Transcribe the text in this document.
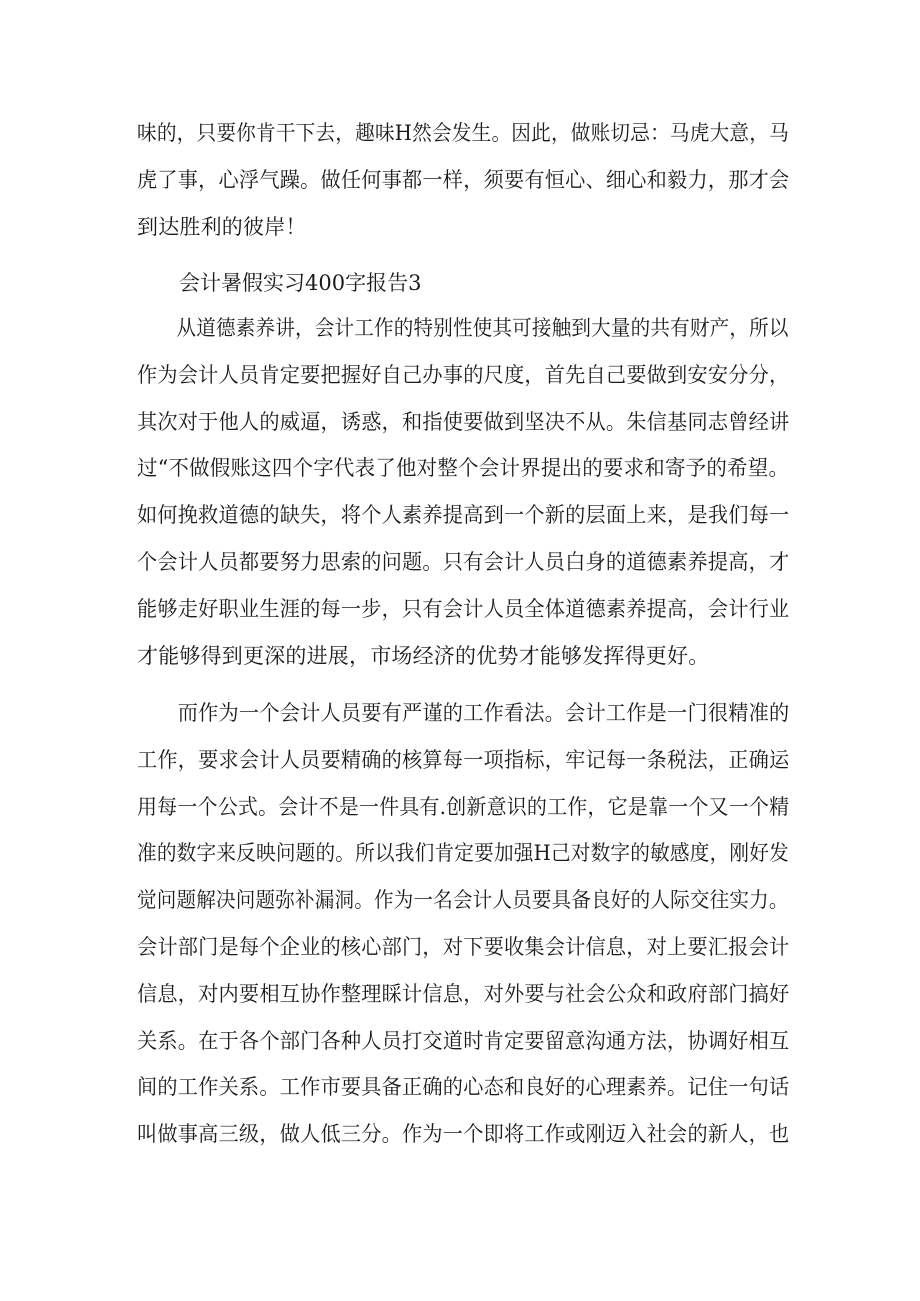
味的，只要你肯干下去，趣味H然会发生。因此，做账切忌：马虎大意，马
虎了事，心浮气躁。做任何事都一样，须要有恒心、细心和毅力，那才会
到达胜利的彼岸！
会计暑假实习400字报告3
　　从道德素养讲，会计工作的特别性使其可接触到大量的共有财产，所以
作为会计人员肯定要把握好自己办事的尺度，首先自己要做到安安分分，
其次对于他人的威逼，诱惑，和指使要做到坚决不从。朱信基同志曾经讲
过“不做假账这四个字代表了他对整个会计界提出的要求和寄予的希望。
如何挽救道德的缺失，将个人素养提高到一个新的层面上来，是我们每一
个会计人员都要努力思索的问题。只有会计人员白身的道德素养提高，才
能够走好职业生涯的每一步，只有会计人员全体道德素养提高，会计行业
才能够得到更深的进展，市场经济的优势才能够发挥得更好。
　　而作为一个会计人员要有严谨的工作看法。会计工作是一门很精准的
工作，要求会计人员要精确的核算每一项指标，牢记每一条税法，正确运
用每一个公式。会计不是一件具有.创新意识的工作，它是靠一个又一个精
准的数字来反映问题的。所以我们肯定要加强H己对数字的敏感度，刚好发
觉问题解决问题弥补漏洞。作为一名会计人员要具备良好的人际交往实力。
会计部门是每个企业的核心部门，对下要收集会计信息，对上要汇报会计
信息，对内要相互协作整理睬计信息，对外要与社会公众和政府部门搞好
关系。在于各个部门各种人员打交道时肯定要留意沟通方法，协调好相互
间的工作关系。工作市要具备正确的心态和良好的心理素养。记住一句话
叫做事高三级，做人低三分。作为一个即将工作或刚迈入社会的新人，也
